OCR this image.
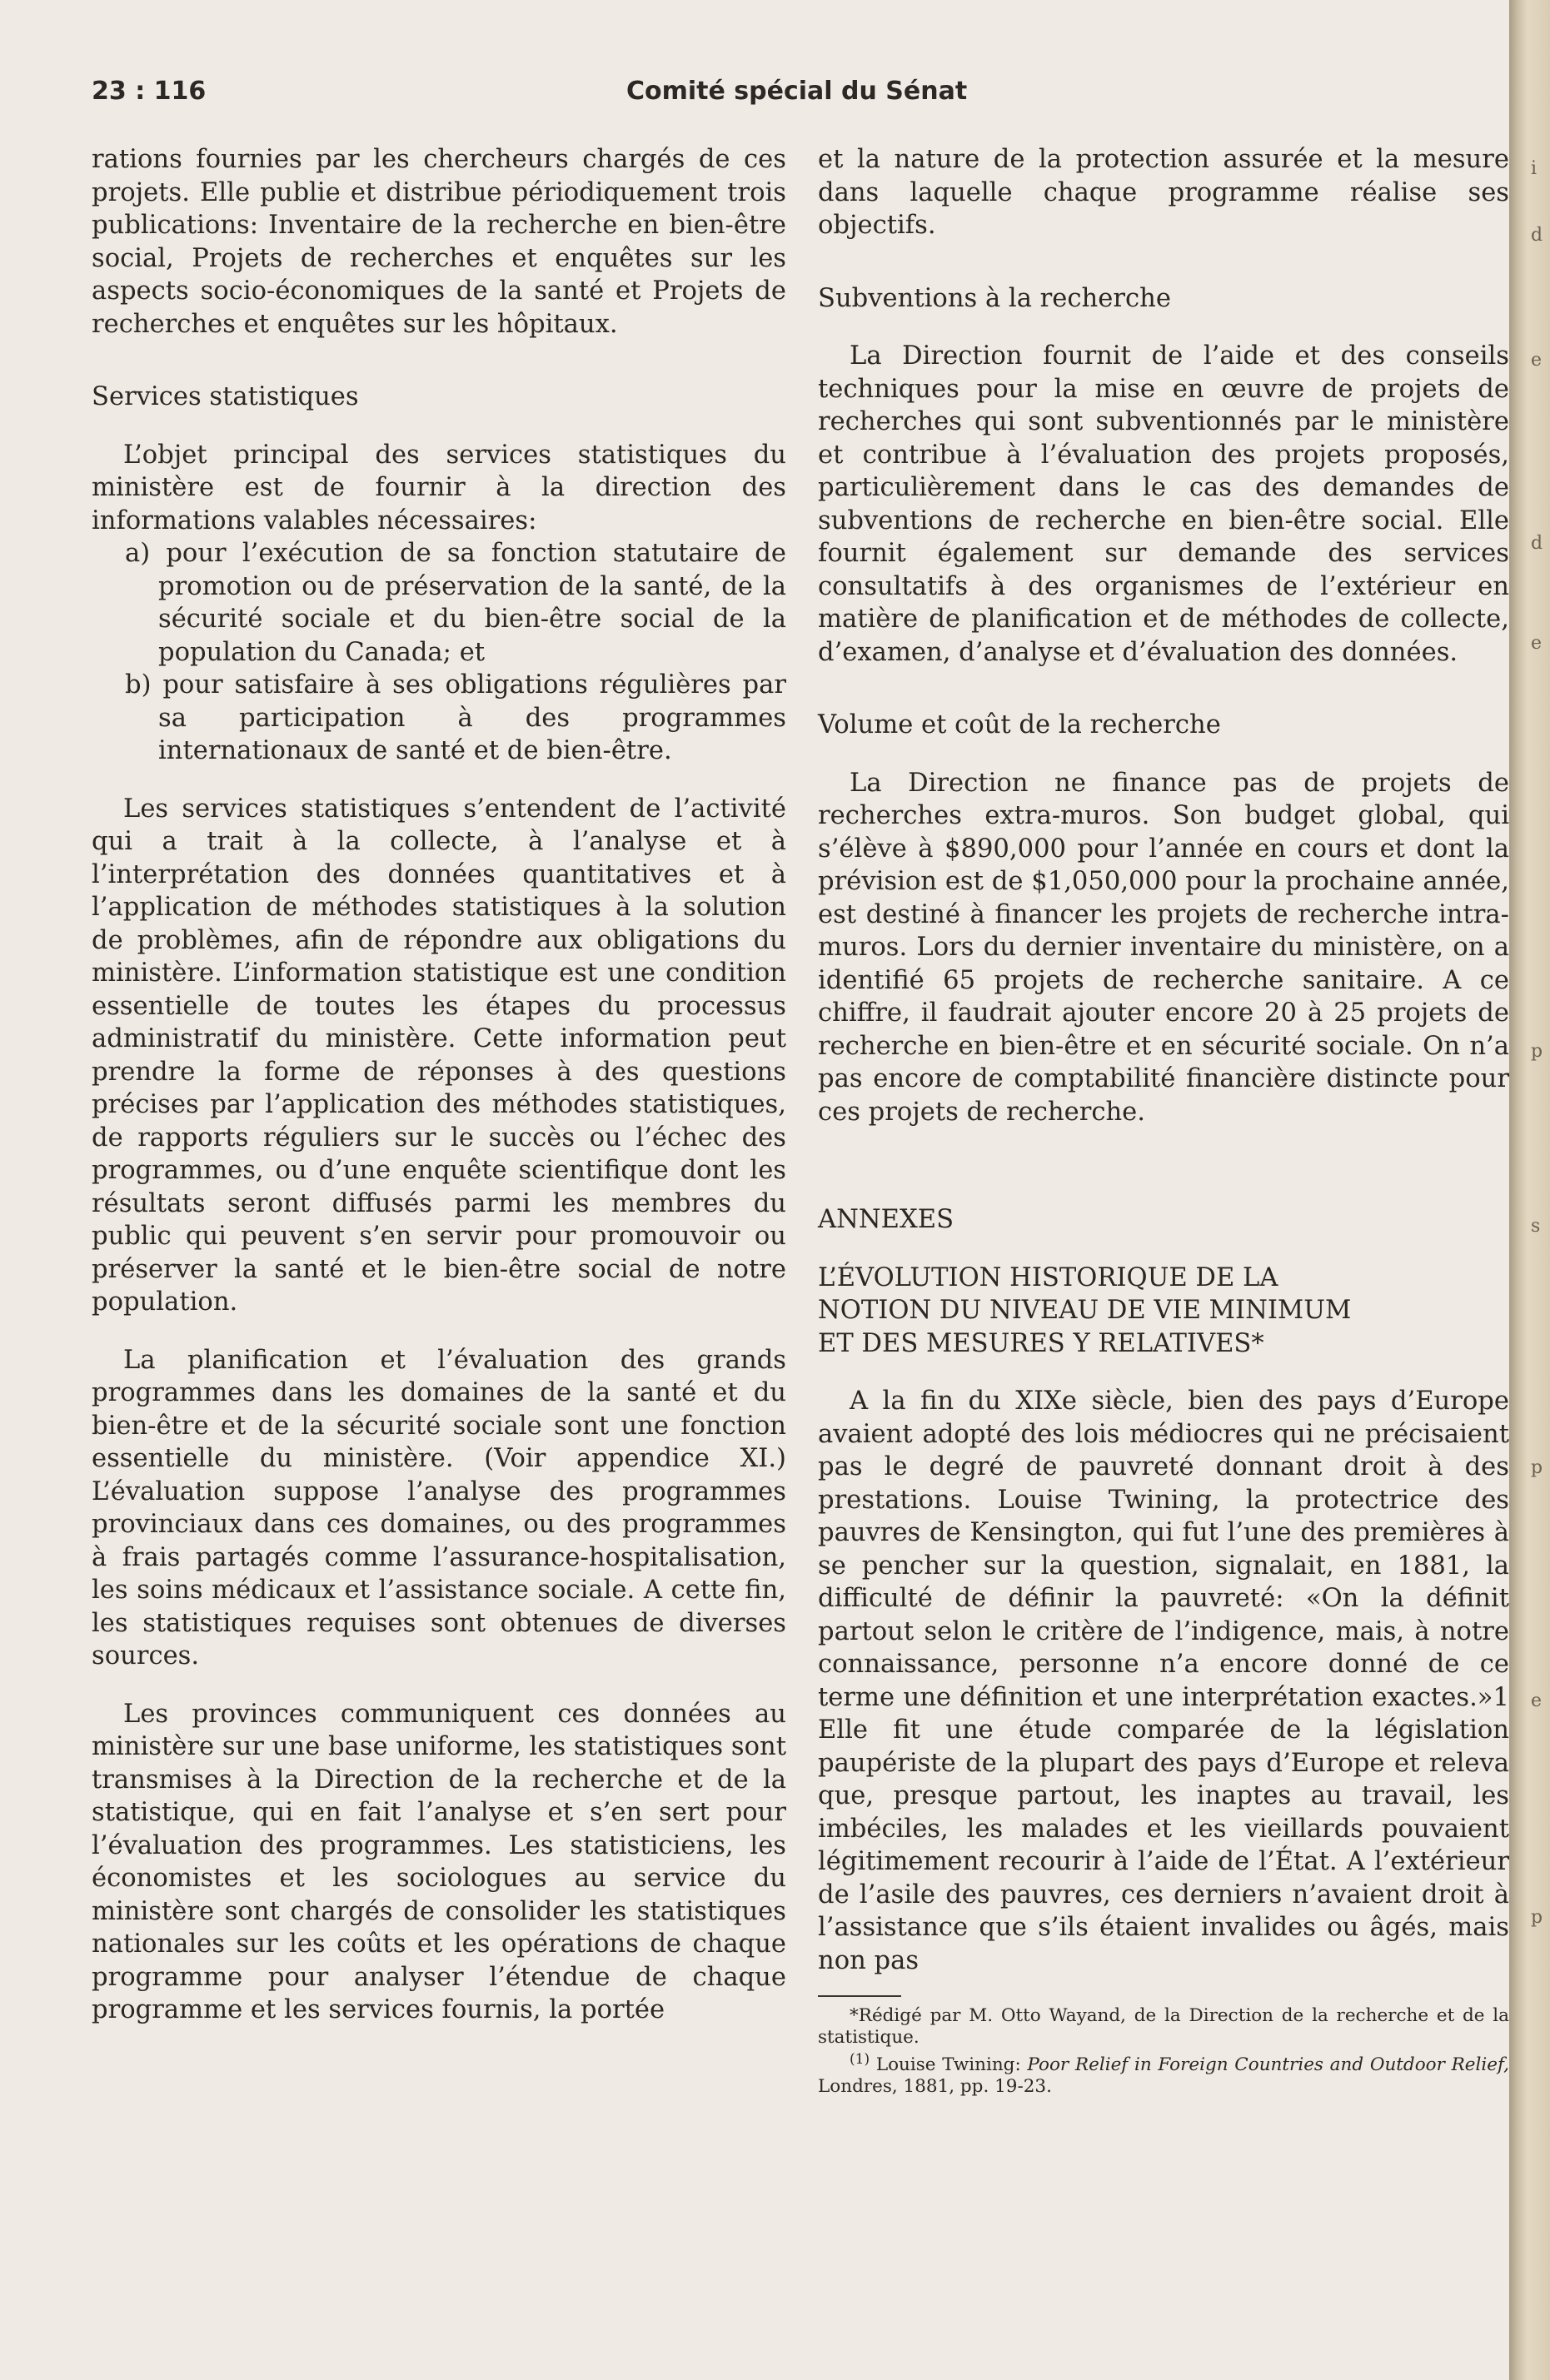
i
d
e
d
e
p
s
p
e
p
23 : 116	Comité spécial du Sénat

rations fournies par les chercheurs chargés de ces projets. Elle publie et distribue périodiquement trois publications: Inventaire de la recherche en bien-être social, Projets de recherches et enquêtes sur les aspects socio-économiques de la santé et Projets de recherches et enquêtes sur les hôpitaux.

Services statistiques

L’objet principal des services statistiques du ministère est de fournir à la direction des informations valables nécessaires:

a) pour l’exécution de sa fonction statutaire de promotion ou de préservation de la santé, de la sécurité sociale et du bien-être social de la population du Canada; et

b) pour satisfaire à ses obligations régulières par sa participation à des programmes internationaux de santé et de bien-être.

Les services statistiques s’entendent de l’activité qui a trait à la collecte, à l’analyse et à l’interprétation des données quantitatives et à l’application de méthodes statistiques à la solution de problèmes, afin de répondre aux obligations du ministère. L’information statistique est une condition essentielle de toutes les étapes du processus administratif du ministère. Cette information peut prendre la forme de réponses à des questions précises par l’application des méthodes statistiques, de rapports réguliers sur le succès ou l’échec des programmes, ou d’une enquête scientifique dont les résultats seront diffusés parmi les membres du public qui peuvent s’en servir pour promouvoir ou préserver la santé et le bien-être social de notre population.

La planification et l’évaluation des grands programmes dans les domaines de la santé et du bien-être et de la sécurité sociale sont une fonction essentielle du ministère. (Voir appendice XI.) L’évaluation suppose l’analyse des programmes provinciaux dans ces domaines, ou des programmes à frais partagés comme l’assurance-hospitalisation, les soins médicaux et l’assistance sociale. A cette fin, les statistiques requises sont obtenues de diverses sources.

Les provinces communiquent ces données au ministère sur une base uniforme, les statistiques sont transmises à la Direction de la recherche et de la statistique, qui en fait l’analyse et s’en sert pour l’évaluation des programmes. Les statisticiens, les économistes et les sociologues au service du ministère sont chargés de consolider les statistiques nationales sur les coûts et les opérations de chaque programme pour analyser l’étendue de chaque programme et les services fournis, la portée

et la nature de la protection assurée et la mesure dans laquelle chaque programme réalise ses objectifs.

Subventions à la recherche

La Direction fournit de l’aide et des conseils techniques pour la mise en œuvre de projets de recherches qui sont subventionnés par le ministère et contribue à l’évaluation des projets proposés, particulièrement dans le cas des demandes de subventions de recherche en bien-être social. Elle fournit également sur demande des services consultatifs à des organismes de l’extérieur en matière de planification et de méthodes de collecte, d’examen, d’analyse et d’évaluation des données.

Volume et coût de la recherche

La Direction ne finance pas de projets de recherches extra-muros. Son budget global, qui s’élève à $890,000 pour l’année en cours et dont la prévision est de $1,050,000 pour la prochaine année, est destiné à financer les projets de recherche intra-muros. Lors du dernier inventaire du ministère, on a identifié 65 projets de recherche sanitaire. A ce chiffre, il faudrait ajouter encore 20 à 25 projets de recherche en bien-être et en sécurité sociale. On n’a pas encore de comptabilité financière distincte pour ces projets de recherche.

ANNEXES

L’ÉVOLUTION HISTORIQUE DE LA

NOTION DU NIVEAU DE VIE MINIMUM

ET DES MESURES Y RELATIVES*

A la fin du XIXe siècle, bien des pays d’Europe avaient adopté des lois médiocres qui ne précisaient pas le degré de pauvreté donnant droit à des prestations. Louise Twining, la protectrice des pauvres de Kensington, qui fut l’une des premières à se pencher sur la question, signalait, en 1881, la difficulté de définir la pauvreté: «On la définit partout selon le critère de l’indigence, mais, à notre connaissance, personne n’a encore donné de ce terme une définition et une interprétation exactes.»1 Elle fit une étude comparée de la législation paupériste de la plupart des pays d’Europe et releva que, presque partout, les inaptes au travail, les imbéciles, les malades et les vieillards pouvaient légitimement recourir à l’aide de l’État. A l’extérieur de l’asile des pauvres, ces derniers n’avaient droit à l’assistance que s’ils étaient invalides ou âgés, mais non pas

*Rédigé par M. Otto Wayand, de la Direction de la recherche et de la statistique.

$^{(1)}$ Louise Twining: Poor Relief in Foreign Countries and Outdoor Relief, Londres, 1881, pp. 19-23.
